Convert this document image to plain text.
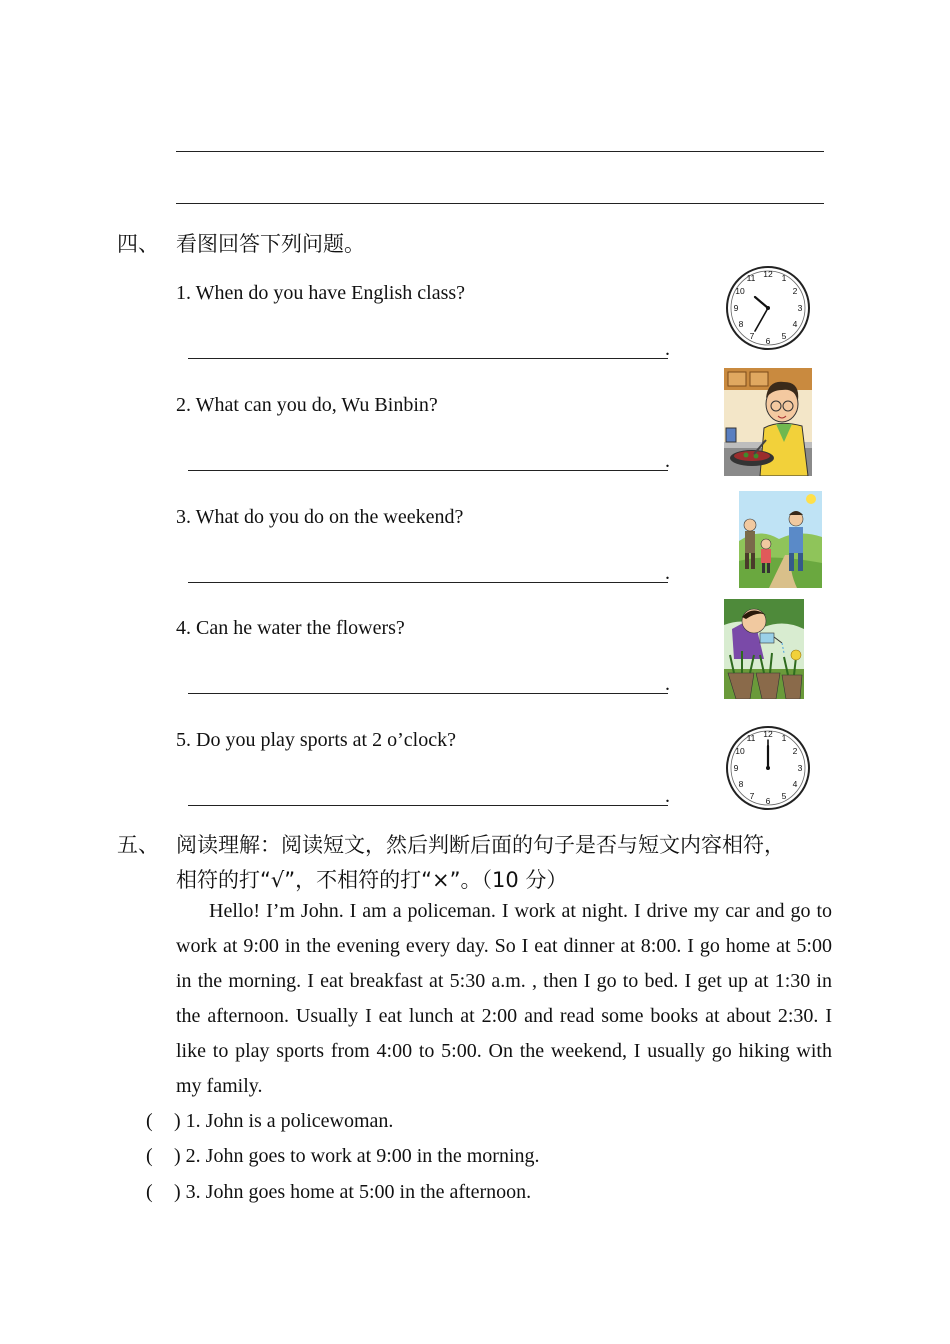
四、 看图回答下列问题。
1. When do you have English class?
.
12 1
2
3
4
5
6
7
8
9
10
11
2. What can you do, Wu Binbin?
.
3. What do you do on the weekend?
.
4. Can he water the flowers?
.
5. Do you play sports at 2 o’clock?
.
12 1
2
3
4
5
6
7
8
9
10
11
五、 阅读理解：阅读短文，然后判断后面的句子是否与短文内容相符，
相符的打“√”，不相符的打“×”。（10 分）

Hello! I’m John. I am a policeman. I work at night. I drive my car and go to work at 9:00 in the evening every day. So I eat dinner at 8:00. I go home at 5:00 in the morning. I eat breakfast at 5:30 a.m. , then I go to bed. I get up at 1:30 in the afternoon. Usually I eat lunch at 2:00 and read some books at about 2:30. I like to play sports from 4:00 to 5:00. On the weekend, I usually go hiking with my family.

( ) 1. John is a policewoman.
( ) 2. John goes to work at 9:00 in the morning.
( ) 3. John goes home at 5:00 in the afternoon.
